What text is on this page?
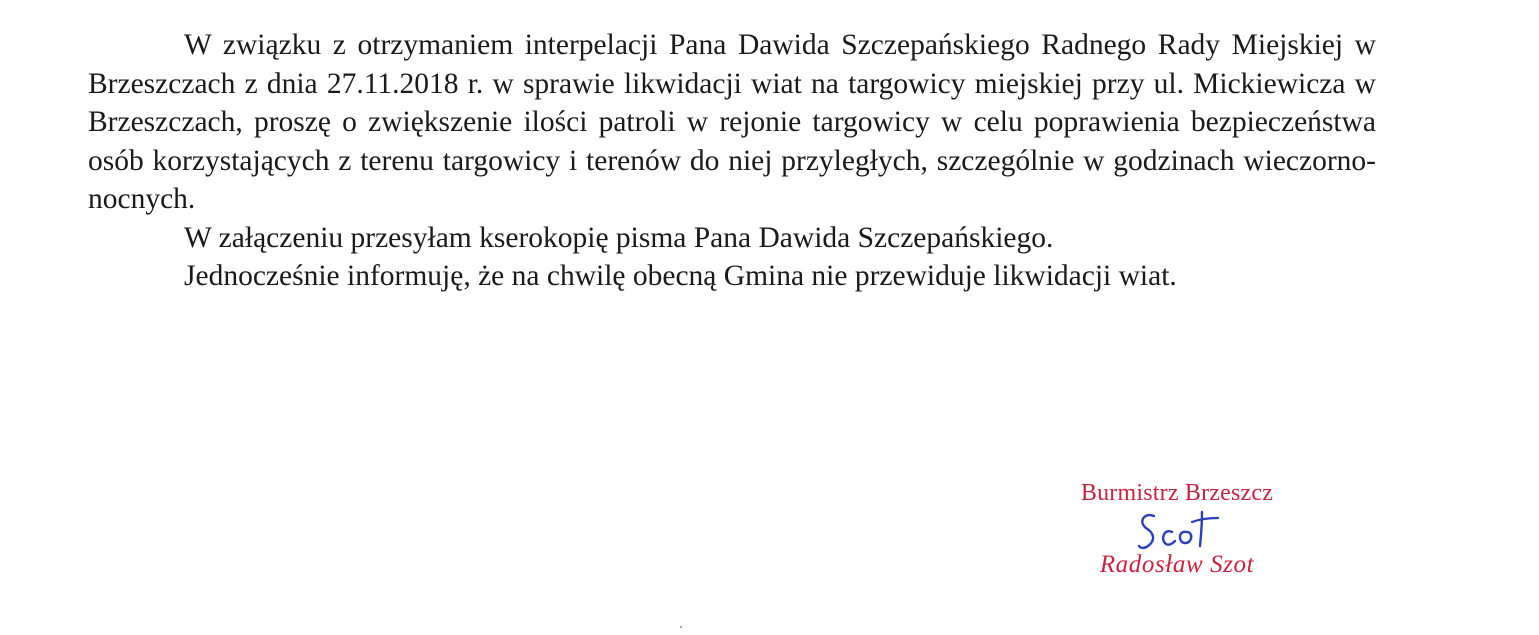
W związku z otrzymaniem interpelacji Pana Dawida Szczepańskiego Radnego Rady Miejskiej w Brzeszczach z dnia 27.11.2018 r. w sprawie likwidacji wiat na targowicy miejskiej przy ul. Mickiewicza w Brzeszczach, proszę o zwiększenie ilości patroli w rejonie targowicy w celu poprawienia bezpieczeństwa osób korzystających z terenu targowicy i terenów do niej przyległych, szczególnie w godzinach wieczorno-nocnych.

W załączeniu przesyłam kserokopię pisma Pana Dawida Szczepańskiego.

Jednocześnie informuję, że na chwilę obecną Gmina nie przewiduje likwidacji wiat.

Burmistrz Brzeszcz
Radosław Szot
